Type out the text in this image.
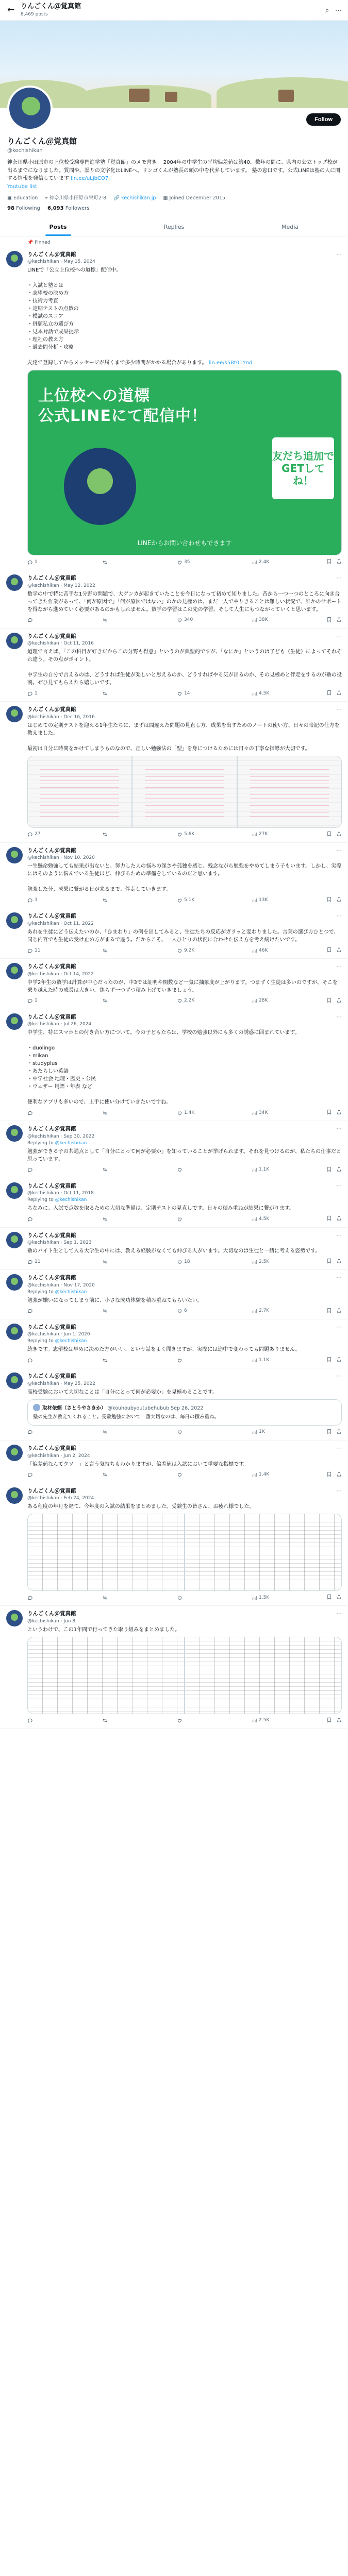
← りんごくん＠覚真館
8,469 posts
⌕ ⋯
Follow
りんごくん＠覚真館
@kechishikan
神奈川県小田原市の上位校受験専門進学塾「覚真館」のメモ書き。 2004年の中学生の平均偏差値は約40。数年の間に、県内の公立トップ校が出るまでになりました。質問や、誤りの文字化はLINEへ。リンゴくんが塾長の頭の中を代弁しています。 塾の窓口です。公式LINEは塾の人に関する情報を発信しています lin.ee/uLjbCO7
Youtube list
▣ Education ⌖ 神奈川県小田原市栄町2-8 🔗 kechishikan.jp ▦ Joined December 2015
98 Following 6,093 Followers
Posts	Replies	Media
📌 Pinned
りんごくん＠覚真館
@kechishikan · May 15, 2024
LINEで「公立上位校への道標」配信中。

・入試と塾とは
・志望校の決め方
・技術力考査
・定期テストの点数の
・模試のスコア
・併願私立の選び方
・見本対話で成果提示
・理社の教え方
・過去問分析・攻略

友達で登録してからメッセージが届くまで多少時間がかかる場合があります。 lin.ee/s5Bt01Ynd
上位校への道標
公式LINEにて配信中！
友だち追加で
GETしてね！
LINEからお問い合わせもできます
1	35	2.4K
⋯
りんごくん＠覚真館
@kechishikan · May 12, 2022
数学の中で特に苦手な1分野の問題で、大ゲンカが起きていたことを今日になって初めて知りました。昔から一つ一つのところに向き合ってきた作業があって、「何が原因で」「何が原因ではない」のかの見極めは、まだ一人でやりきることは難しい状況で、誰かのサポートを得ながら進めていく必要があるのかもしれません。数学の学習はこの先の学習、そして人生にもつながっていくと思います。
340	38K
⋯
りんごくん＠覚真館
@kechishikan · Oct 11, 2016
道理で言えば、「この科目が好きだからこの分野も得意」というのが典型的ですが、「なにか」というのは子ども（生徒）によってそれぞれ違う。その点がポイント。

中学生の自分で言えるのは、どうすれば生徒が楽しいと思えるのか、どうすればやる気が出るのか、その見極めと伴走をするのが塾の役割。ぜひ見てもらえたら嬉しいです。
1	14	4.5K
⋯
りんごくん＠覚真館
@kechishikan · Dec 16, 2016
はじめての定期テストを迎える1年生たちに、まずは間違えた問題の見直し方、成果を出すためのノートの使い方、日々の暗記の仕方を教えました。

最初は自分に時間をかけてしまうものなので、正しい勉強法の「型」を身につけるためには日々の丁寧な指導が大切です。
27	5.6K	27K
⋯
りんごくん＠覚真館
@kechishikan · Nov 10, 2020
一生懸命勉強しても結果が出ないと、努力した人の悩みの深さや孤独を感じ、残念ながら勉強をやめてしまう子もいます。しかし、実際にはそのように悩んでいる生徒ほど、伸びるための準備をしているのだと思います。

勉強した分、成果に繋がる日が来るまで、伴走していきます。
3	5.1K	13K
⋯
りんごくん＠覚真館
@kechishikan · Oct 11, 2022
あれを生徒にどう伝えたいのか、「ひまわり」の例を出してみると、生徒たちの反応がガラッと変わりました。言葉の選び方ひとつで、同じ内容でも生徒の受け止め方がまるで違う。だからこそ、一人ひとりの状況に合わせた伝え方を考え続けたいです。
11	9.2K	46K
⋯
りんごくん＠覚真館
@kechishikan · Oct 14, 2022
中学2年生の数学は計算が中心だったのが、中3では証明や関数など一気に抽象度が上がります。つまずく生徒は多いのですが、そこを乗り越えた時の成長は大きい。焦らず一つずつ積み上げていきましょう。
1	2.2K	28K
⋯
りんごくん＠覚真館
@kechishikan · Jul 26, 2024
中学生、特にスマホとの付き合い方について。今の子どもたちは、学校の勉強以外にも多くの誘惑に囲まれています。

・duolingo
・mikan
・studyplus
・あたらしい英語
・中学社会 地理・歴史・公民
・ウェザー 用語・年表 など

便利なアプリも多いので、上手に使い分けていきたいですね。
1.4K	34K
⋯
りんごくん＠覚真館
@kechishikan · Sep 30, 2022
Replying to @kechishikan
勉強ができる子の共通点として「自分にとって何が必要か」を知っていることが挙げられます。それを見つけるのが、私たちの仕事だと思っています。
1.1K
⋯
りんごくん＠覚真館
@kechishikan · Oct 11, 2018
Replying to @kechishikan
ちなみに、入試で点数を取るための大切な準備は、定期テストの見直しです。日々の積み重ねが結果に繋がります。
4.5K
⋯
りんごくん＠覚真館
@kechishikan · Sep 1, 2023
塾のバイト生として入る大学生の中には、教える経験がなくても伸びる人がいます。大切なのは生徒と一緒に考える姿勢です。
11	18	2.5K
⋯
りんごくん＠覚真館
@kechishikan · Nov 17, 2020
Replying to @kechishikan
勉強が嫌いになってしまう前に、小さな成功体験を積み重ねてもらいたい。
6	2.7K
⋯
りんごくん＠覚真館
@kechishikan · Jun 1, 2020
Replying to @kechishikan
続きです。志望校は早めに決めた方がいい、という話をよく聞きますが、実際には途中で変わっても問題ありません。
1.1K
⋯
りんごくん＠覚真館
@kechishikan · May 25, 2022
高校受験において大切なことは「自分にとって何が必要か」を見極めることです。
取材依頼（さとうやさきか） @kouhoubyoutubehubub Sep 26, 2022
塾の先生が教えてくれること。受験勉強において一番大切なのは、毎日の積み重ね。
1K
⋯
りんごくん＠覚真館
@kechishikan · Jun 2, 2024
「偏差値なんてクソ！」と言う気持ちもわかりますが、偏差値は入試において重要な指標です。
1.4K
⋯
りんごくん＠覚真館
@kechishikan · Feb 24, 2024
ある程度の年月を経て、今年度の入試の結果をまとめました。受験生の皆さん、お疲れ様でした。
1.5K
⋯
りんごくん＠覚真館
@kechishikan · Jun 8
というわけで、この1年間で行ってきた取り組みをまとめました。
2.5K
⋯
